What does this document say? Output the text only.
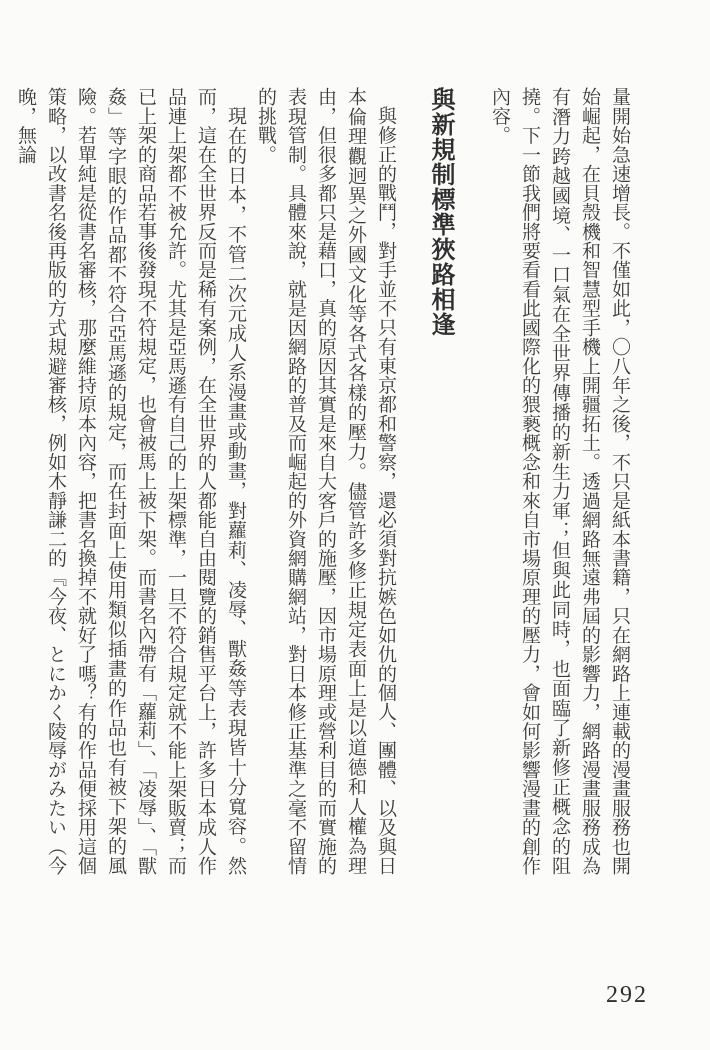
量開始急速增長。不僅如此，〇八年之後，不只是紙本書籍，只在網路上連載的漫畫服務也開始崛起，在貝殼機和智慧型手機上開疆拓土。透過網路無遠弗屆的影響力，網路漫畫服務成為有潛力跨越國境、一口氣在全世界傳播的新生力軍；但與此同時，也面臨了新修正概念的阻撓。下一節我們將要看看此國際化的猥褻概念和來自市場原理的壓力，會如何影響漫畫的創作內容。

與新規制標準狹路相逢

與修正的戰鬥，對手並不只有東京都和警察，還必須對抗嫉色如仇的個人、團體、以及與日本倫理觀迥異之外國文化等各式各樣的壓力。儘管許多修正規定表面上是以道德和人權為理由，但很多都只是藉口，真的原因其實是來自大客戶的施壓，因市場原理或營利目的而實施的表現管制。具體來說，就是因網路的普及而崛起的外資網購網站，對日本修正基準之毫不留情的挑戰。

現在的日本，不管二次元成人系漫畫或動畫，對蘿莉、凌辱、獸姦等表現皆十分寬容。然而，這在全世界反而是稀有案例，在全世界的人都能自由閱覽的銷售平台上，許多日本成人作品連上架都不被允許。尤其是亞馬遜有自己的上架標準，一旦不符合規定就不能上架販賣；而已上架的商品若事後發現不符規定，也會被馬上被下架。而書名內帶有「蘿莉」、「凌辱」、「獸姦」等字眼的作品都不符合亞馬遜的規定，而在封面上使用類似插畫的作品也有被下架的風險。若單純是從書名審核，那麼維持原本內容，把書名換掉不就好了嗎？有的作品便採用這個策略，以改書名後再版的方式規避審核，例如木靜謙二的『今夜、とにかく陵辱がみたい（今晚，無論

292
